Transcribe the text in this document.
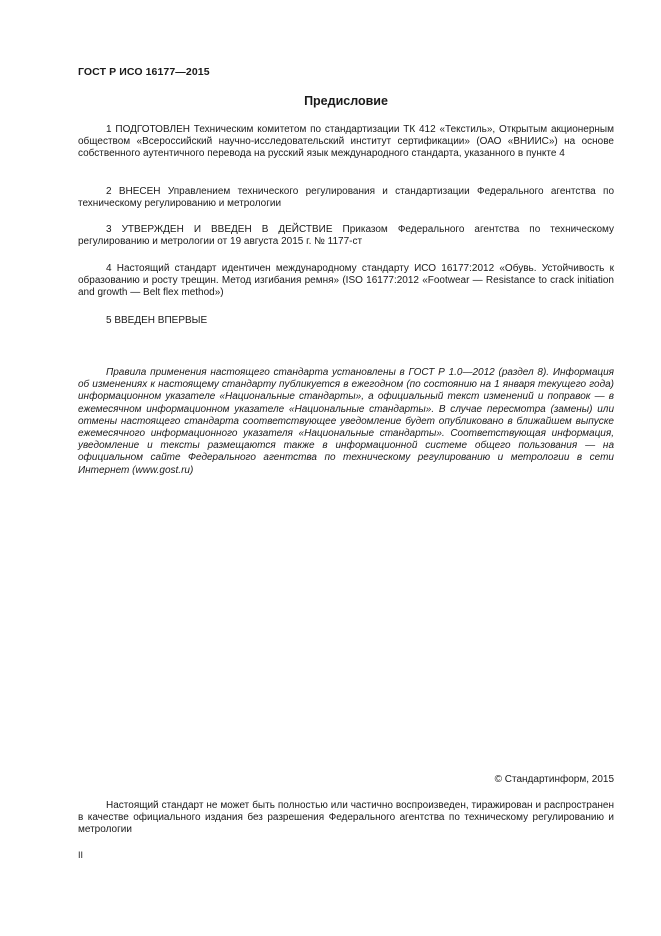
ГОСТ Р ИСО 16177—2015
Предисловие

1 ПОДГОТОВЛЕН Техническим комитетом по стандартизации ТК 412 «Текстиль», Открытым акционерным обществом «Всероссийский научно-исследовательский институт сертификации» (ОАО «ВНИИС») на основе собственного аутентичного перевода на русский язык международного стандарта, указанного в пункте 4

2 ВНЕСЕН Управлением технического регулирования и стандартизации Федерального агентства по техническому регулированию и метрологии

3 УТВЕРЖДЕН И ВВЕДЕН В ДЕЙСТВИЕ Приказом Федерального агентства по техническому регулированию и метрологии от 19 августа 2015 г. № 1177-ст

4 Настоящий стандарт идентичен международному стандарту ИСО 16177:2012 «Обувь. Устойчивость к образованию и росту трещин. Метод изгибания ремня» (ISO 16177:2012 «Footwear — Resistance to crack initiation and growth — Belt flex method»)

5 ВВЕДЕН ВПЕРВЫЕ

Правила применения настоящего стандарта установлены в ГОСТ Р 1.0—2012 (раздел 8). Информация об изменениях к настоящему стандарту публикуется в ежегодном (по состоянию на 1 января текущего года) информационном указателе «Национальные стандарты», а официальный текст изменений и поправок — в ежемесячном информационном указателе «Национальные стандарты». В случае пересмотра (замены) или отмены настоящего стандарта соответствующее уведомление будет опубликовано в ближайшем выпуске ежемесячного информационного указателя «Национальные стандарты». Соответствующая информация, уведомление и тексты размещаются также в информационной системе общего пользования — на официальном сайте Федерального агентства по техническому регулированию и метрологии в сети Интернет (www.gost.ru)

© Стандартинформ, 2015

Настоящий стандарт не может быть полностью или частично воспроизведен, тиражирован и распространен в качестве официального издания без разрешения Федерального агентства по техническому регулированию и метрологии

II
